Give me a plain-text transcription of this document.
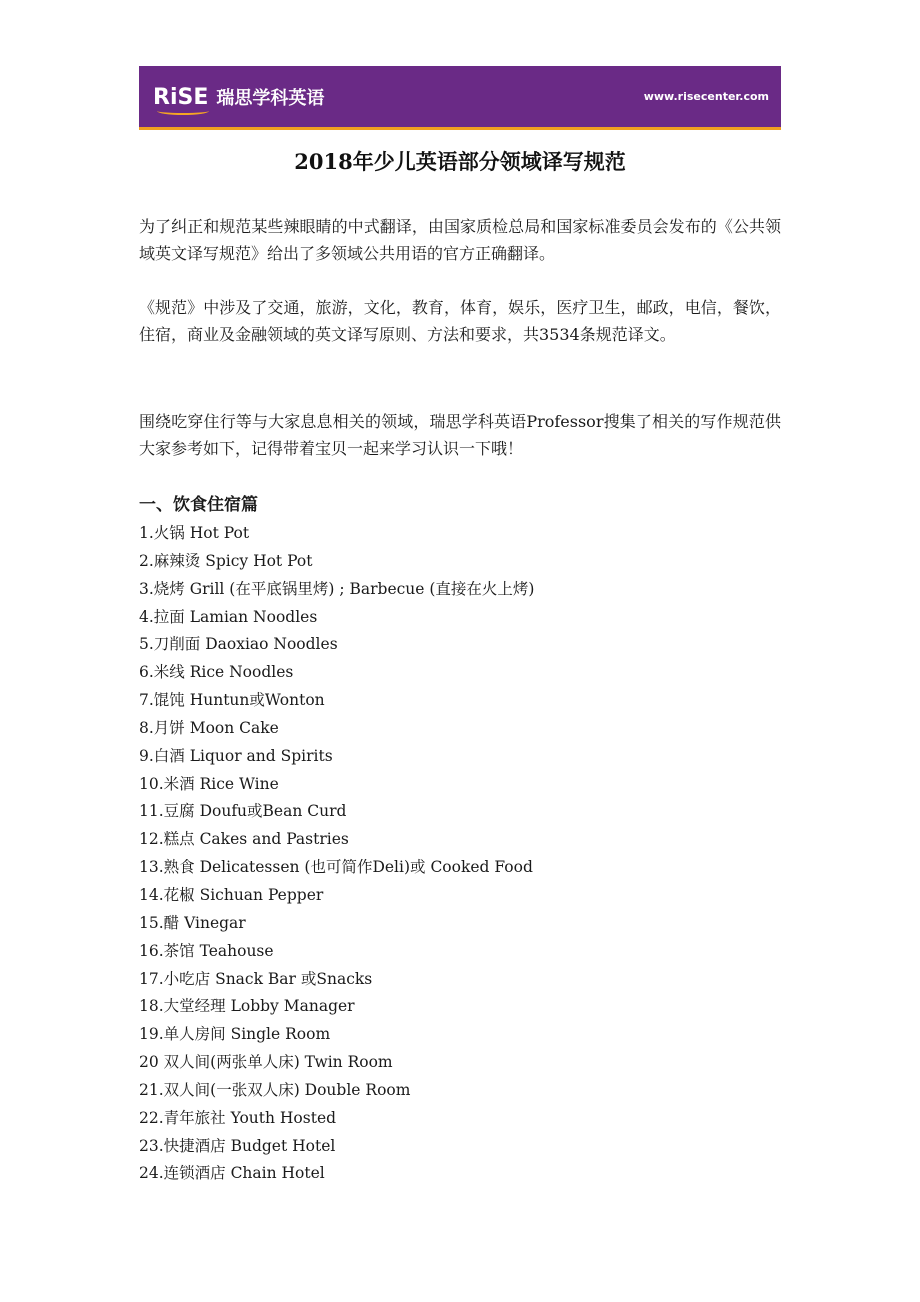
RiSE 瑞思学科英语	www.risecenter.com
2018年少儿英语部分领域译写规范

为了纠正和规范某些辣眼睛的中式翻译，由国家质检总局和国家标准委员会发布的《公共领域英文译写规范》给出了多领域公共用语的官方正确翻译。

《规范》中涉及了交通，旅游，文化，教育，体育，娱乐，医疗卫生，邮政，电信，餐饮，住宿，商业及金融领域的英文译写原则、方法和要求，共3534条规范译文。

围绕吃穿住行等与大家息息相关的领域，瑞思学科英语Professor搜集了相关的写作规范供大家参考如下，记得带着宝贝一起来学习认识一下哦！

一、饮食住宿篇
1.火锅 Hot Pot
2.麻辣烫 Spicy Hot Pot
3.烧烤 Grill (在平底锅里烤) ; Barbecue (直接在火上烤)
4.拉面 Lamian Noodles
5.刀削面 Daoxiao Noodles
6.米线 Rice Noodles
7.馄饨 Huntun或Wonton
8.月饼 Moon Cake
9.白酒 Liquor and Spirits
10.米酒 Rice Wine
11.豆腐 Doufu或Bean Curd
12.糕点 Cakes and Pastries
13.熟食 Delicatessen (也可简作Deli)或 Cooked Food
14.花椒 Sichuan Pepper
15.醋 Vinegar
16.茶馆 Teahouse
17.小吃店 Snack Bar 或Snacks
18.大堂经理 Lobby Manager
19.单人房间 Single Room
20 双人间(两张单人床) Twin Room
21.双人间(一张双人床) Double Room
22.青年旅社 Youth Hosted
23.快捷酒店 Budget Hotel
24.连锁酒店 Chain Hotel
